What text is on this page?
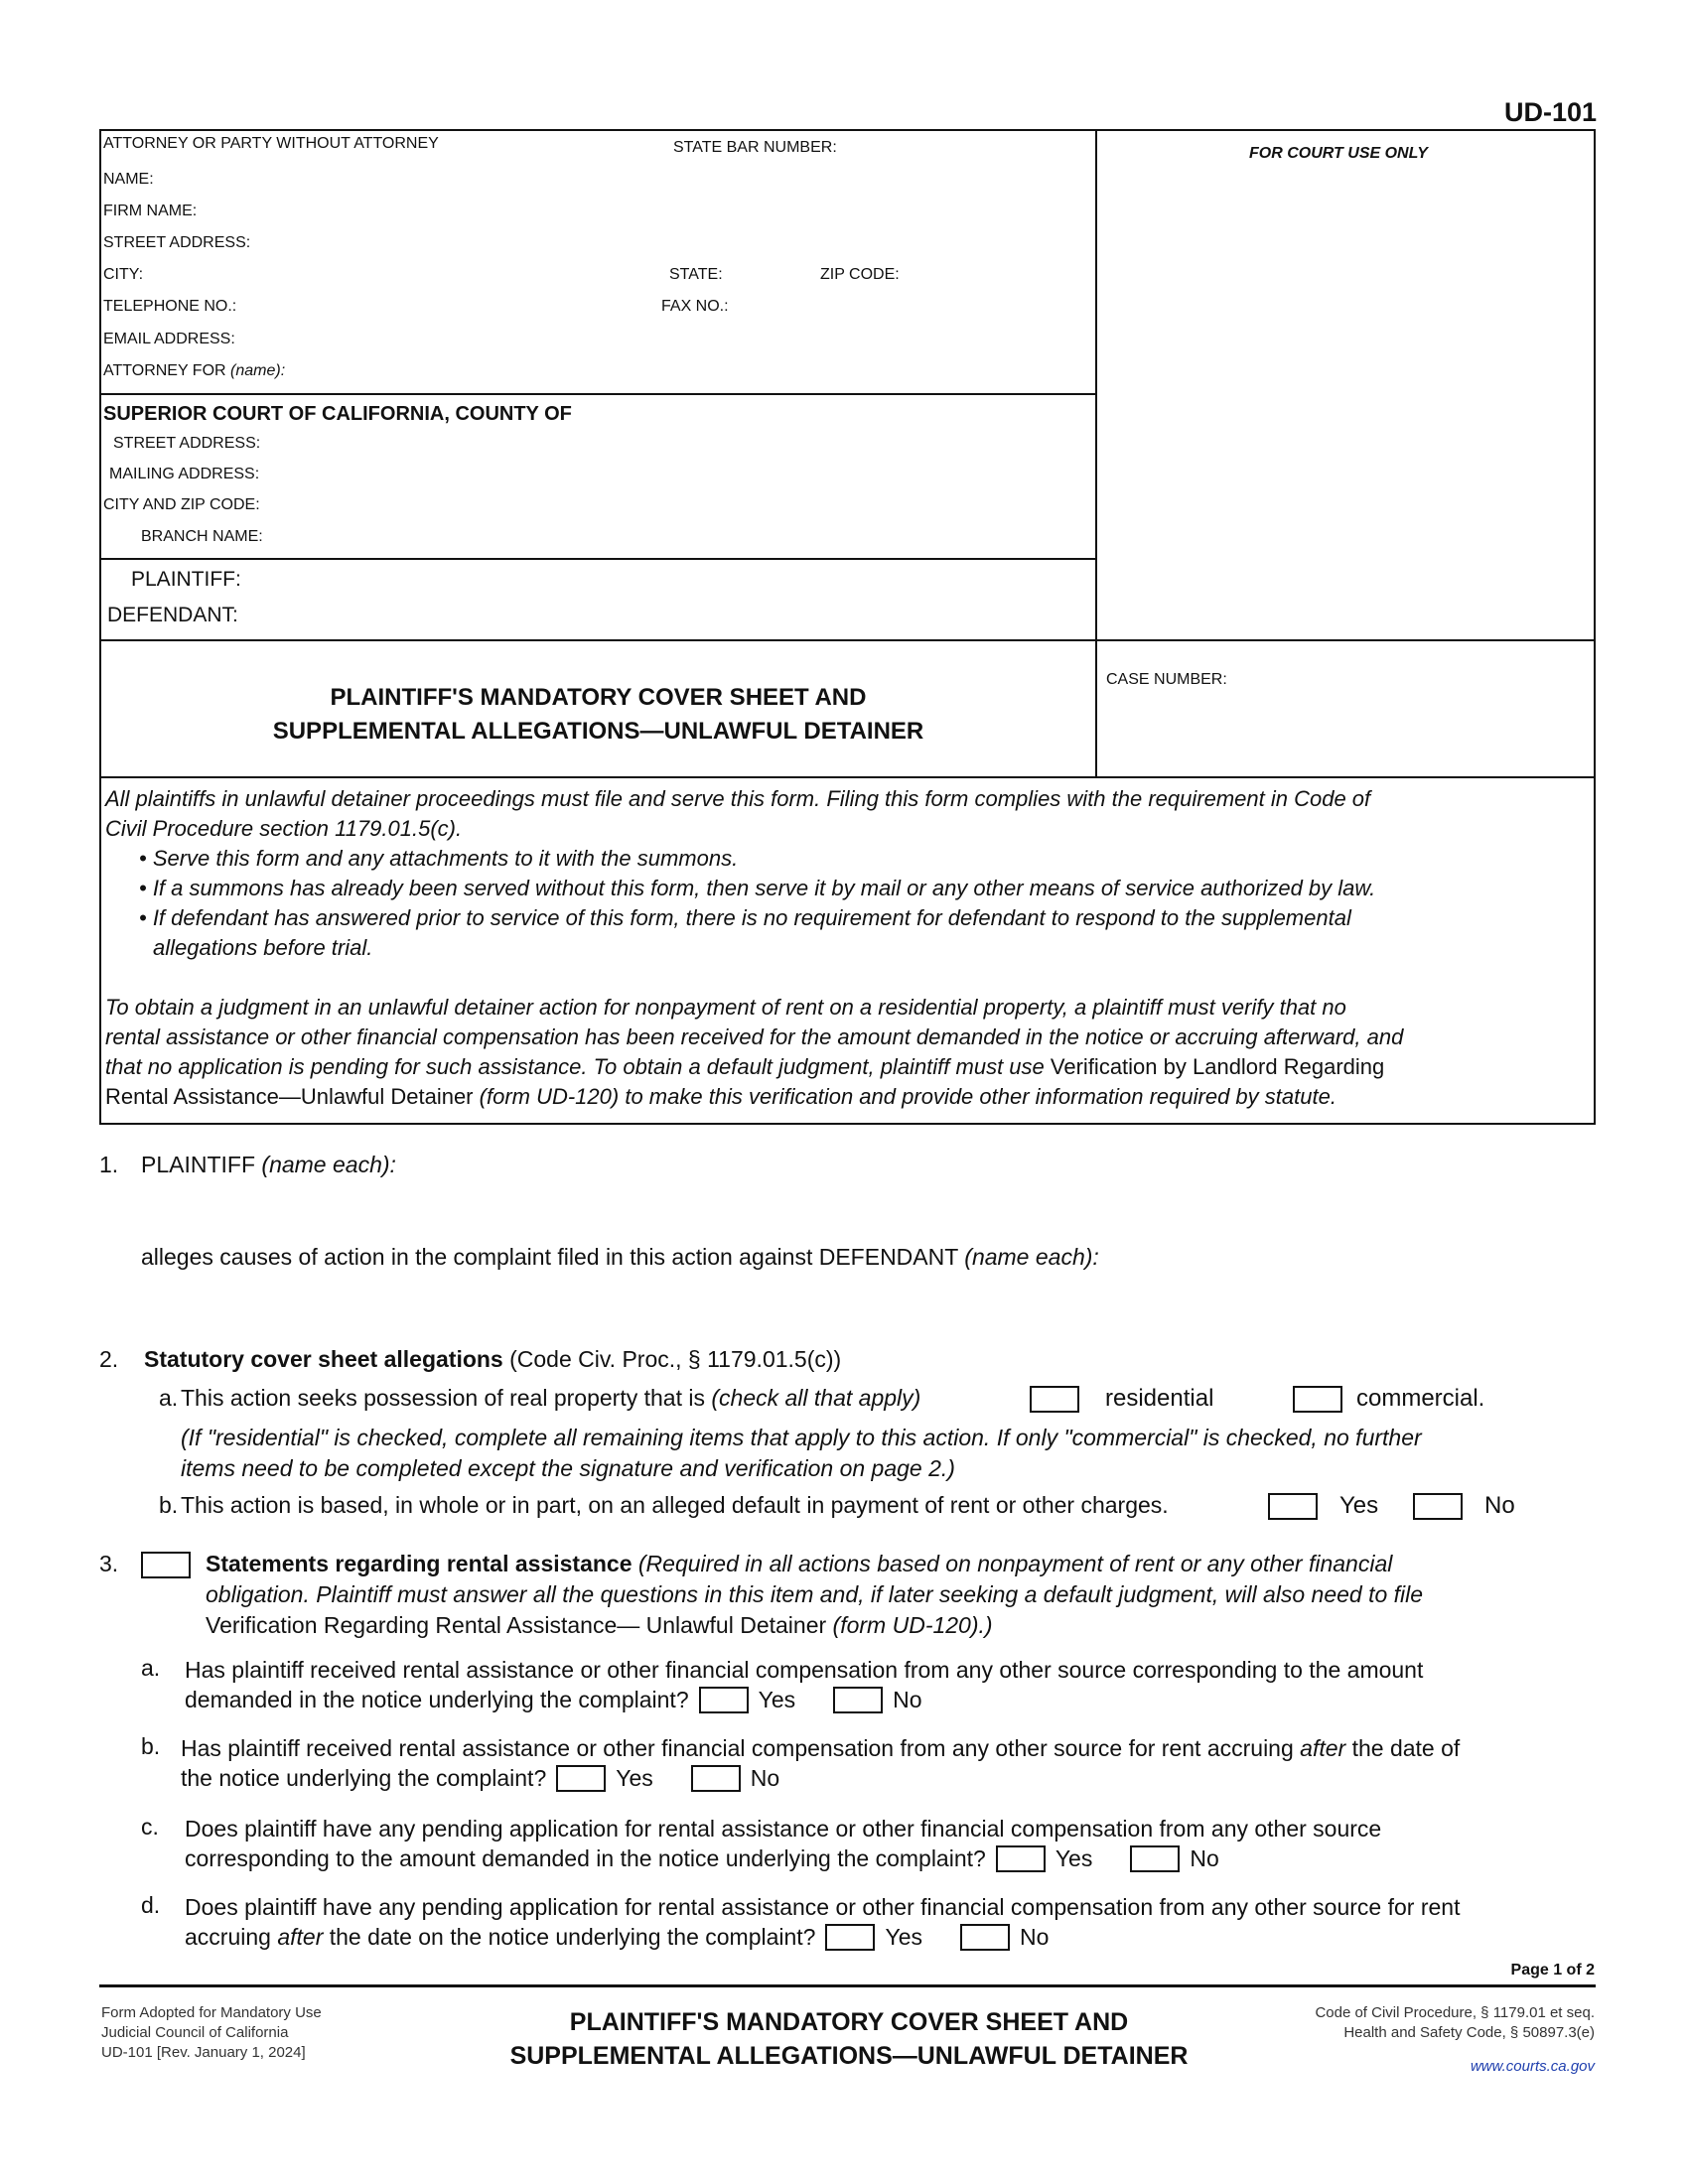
UD-101
ATTORNEY OR PARTY WITHOUT ATTORNEY	STATE BAR NUMBER:
NAME:
FIRM NAME:
STREET ADDRESS:
CITY:	STATE:	ZIP CODE:
TELEPHONE NO.:	FAX NO.:
EMAIL ADDRESS:
ATTORNEY FOR (name):
FOR COURT USE ONLY
SUPERIOR COURT OF CALIFORNIA, COUNTY OF
STREET ADDRESS:
MAILING ADDRESS:
CITY AND ZIP CODE:
BRANCH NAME:
PLAINTIFF:
DEFENDANT:
PLAINTIFF'S MANDATORY COVER SHEET AND
SUPPLEMENTAL ALLEGATIONS—UNLAWFUL DETAINER
CASE NUMBER:
All plaintiffs in unlawful detainer proceedings must file and serve this form. Filing this form complies with the requirement in Code of
Civil Procedure section 1179.01.5(c).
• Serve this form and any attachments to it with the summons.
• If a summons has already been served without this form, then serve it by mail or any other means of service authorized by law.
• If defendant has answered prior to service of this form, there is no requirement for defendant to respond to the supplemental
allegations before trial.
To obtain a judgment in an unlawful detainer action for nonpayment of rent on a residential property, a plaintiff must verify that no
rental assistance or other financial compensation has been received for the amount demanded in the notice or accruing afterward, and
that no application is pending for such assistance. To obtain a default judgment, plaintiff must use Verification by Landlord Regarding
Rental Assistance—Unlawful Detainer (form UD-120) to make this verification and provide other information required by statute.
1. PLAINTIFF (name each):
alleges causes of action in the complaint filed in this action against DEFENDANT (name each):
2. Statutory cover sheet allegations (Code Civ. Proc., § 1179.01.5(c))
a. This action seeks possession of real property that is (check all that apply)	residential	commercial.
(If "residential" is checked, complete all remaining items that apply to this action. If only "commercial" is checked, no further
items need to be completed except the signature and verification on page 2.)
b. This action is based, in whole or in part, on an alleged default in payment of rent or other charges.	Yes	No
3.	Statements regarding rental assistance (Required in all actions based on nonpayment of rent or any other financial
obligation. Plaintiff must answer all the questions in this item and, if later seeking a default judgment, will also need to file
Verification Regarding Rental Assistance— Unlawful Detainer (form UD-120).)
a. Has plaintiff received rental assistance or other financial compensation from any other source corresponding to the amount
demanded in the notice underlying the complaint?	Yes	No
b. Has plaintiff received rental assistance or other financial compensation from any other source for rent accruing after the date of
the notice underlying the complaint?	Yes	No
c. Does plaintiff have any pending application for rental assistance or other financial compensation from any other source
corresponding to the amount demanded in the notice underlying the complaint?	Yes	No
d. Does plaintiff have any pending application for rental assistance or other financial compensation from any other source for rent
accruing after the date on the notice underlying the complaint?	Yes	No
Page 1 of 2
Form Adopted for Mandatory Use
Judicial Council of California
UD-101 [Rev. January 1, 2024]
PLAINTIFF'S MANDATORY COVER SHEET AND
SUPPLEMENTAL ALLEGATIONS—UNLAWFUL DETAINER
Code of Civil Procedure, § 1179.01 et seq.
Health and Safety Code, § 50897.3(e)
www.courts.ca.gov
